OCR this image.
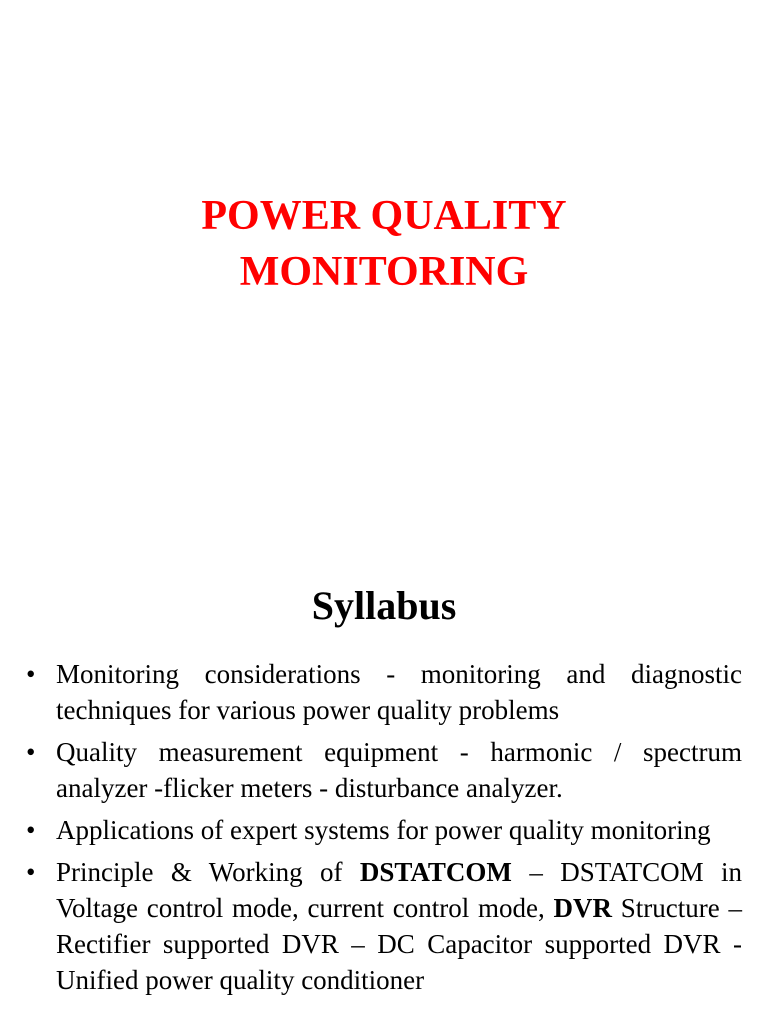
POWER QUALITY
MONITORING
Syllabus
• Monitoring considerations - monitoring and diagnostic techniques for various power quality problems
• Quality measurement equipment - harmonic / spectrum analyzer -flicker meters - disturbance analyzer.
• Applications of expert systems for power quality monitoring
• Principle & Working of DSTATCOM – DSTATCOM in Voltage control mode, current control mode, DVR Structure – Rectifier supported DVR – DC Capacitor supported DVR -Unified power quality conditioner
